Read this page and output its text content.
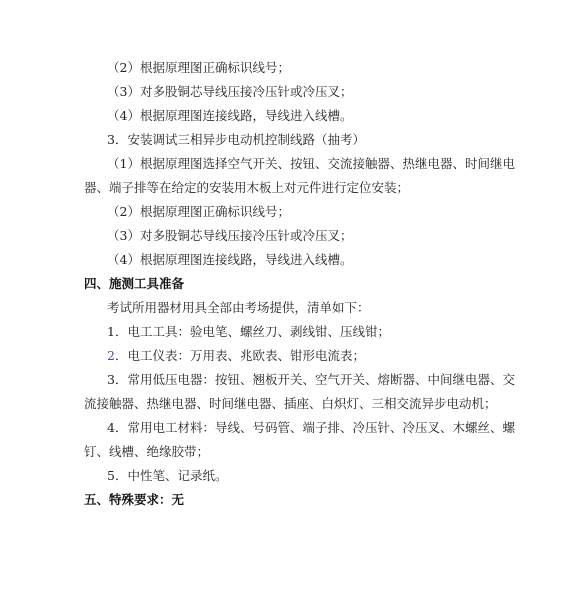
（2）根据原理图正确标识线号；
（3）对多股铜芯导线压接冷压针或冷压叉；
（4）根据原理图连接线路，导线进入线槽。
3．安装调试三相异步电动机控制线路（抽考）
（1）根据原理图选择空气开关、按钮、交流接触器、热继电器、时间继电
器、端子排等在给定的安装用木板上对元件进行定位安装；
（2）根据原理图正确标识线号；
（3）对多股铜芯导线压接冷压针或冷压叉；
（4）根据原理图连接线路，导线进入线槽。
四、施测工具准备
考试所用器材用具全部由考场提供，清单如下：
1．电工工具：验电笔、螺丝刀、剥线钳、压线钳；
2．电工仪表：万用表、兆欧表、钳形电流表；
3．常用低压电器：按钮、翘板开关、空气开关、熔断器、中间继电器、交
流接触器、热继电器、时间继电器、插座、白炽灯、三相交流异步电动机；
4．常用电工材料：导线、号码管、端子排、冷压针、冷压叉、木螺丝、螺
钉、线槽、绝缘胶带；
5．中性笔、记录纸。
五、特殊要求：无
